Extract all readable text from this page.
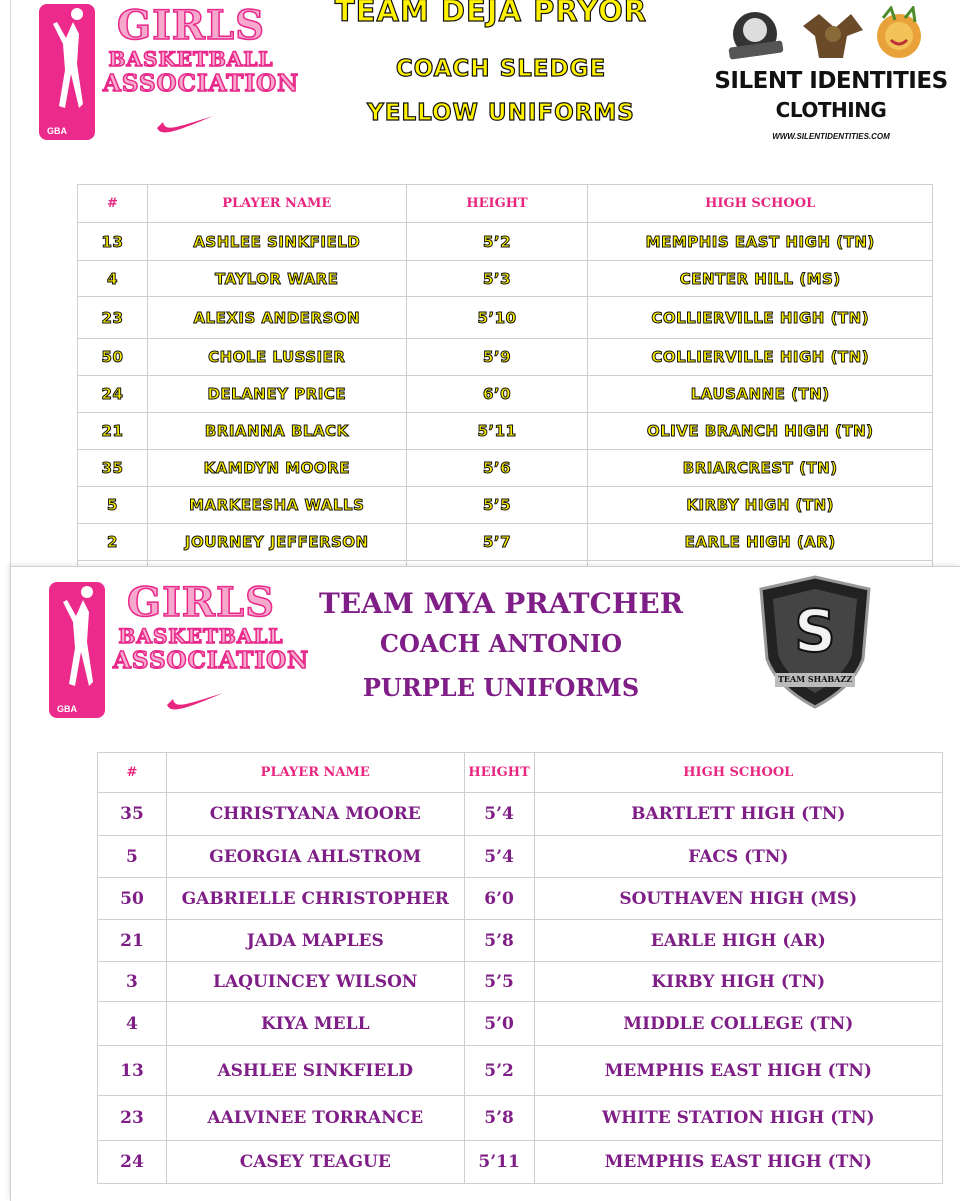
GBA
GIRLS
BASKETBALL
ASSOCIATION
TEAM DEJA PRYOR
COACH SLEDGE
YELLOW UNIFORMS
SILENT IDENTITIES
CLOTHING
WWW.SILENTIDENTITIES.COM
#	PLAYER NAME	HEIGHT	HIGH SCHOOL
13	ASHLEE SINKFIELD	5’2	MEMPHIS EAST HIGH (TN)
4	TAYLOR WARE	5’3	CENTER HILL (MS)
23	ALEXIS ANDERSON	5’10	COLLIERVILLE HIGH (TN)
50	CHOLE LUSSIER	5’9	COLLIERVILLE HIGH (TN)
24	DELANEY PRICE	6’0	LAUSANNE (TN)
21	BRIANNA BLACK	5’11	OLIVE BRANCH HIGH (TN)
35	KAMDYN MOORE	5’6	BRIARCREST (TN)
5	MARKEESHA WALLS	5’5	KIRBY HIGH (TN)
2	JOURNEY JEFFERSON	5’7	EARLE HIGH (AR)

GBA
GIRLS
BASKETBALL
ASSOCIATION
TEAM MYA PRATCHER
COACH ANTONIO
PURPLE UNIFORMS
S
TEAM SHABAZZ
#	PLAYER NAME	HEIGHT	HIGH SCHOOL
35	CHRISTYANA MOORE	5’4	BARTLETT HIGH (TN)
5	GEORGIA AHLSTROM	5’4	FACS (TN)
50	GABRIELLE CHRISTOPHER	6’0	SOUTHAVEN HIGH (MS)
21	JADA MAPLES	5’8	EARLE HIGH (AR)
3	LAQUINCEY WILSON	5’5	KIRBY HIGH (TN)
4	KIYA MELL	5’0	MIDDLE COLLEGE (TN)
13	ASHLEE SINKFIELD	5’2	MEMPHIS EAST HIGH (TN)
23	AALVINEE TORRANCE	5’8	WHITE STATION HIGH (TN)
24	CASEY TEAGUE	5’11	MEMPHIS EAST HIGH (TN)
